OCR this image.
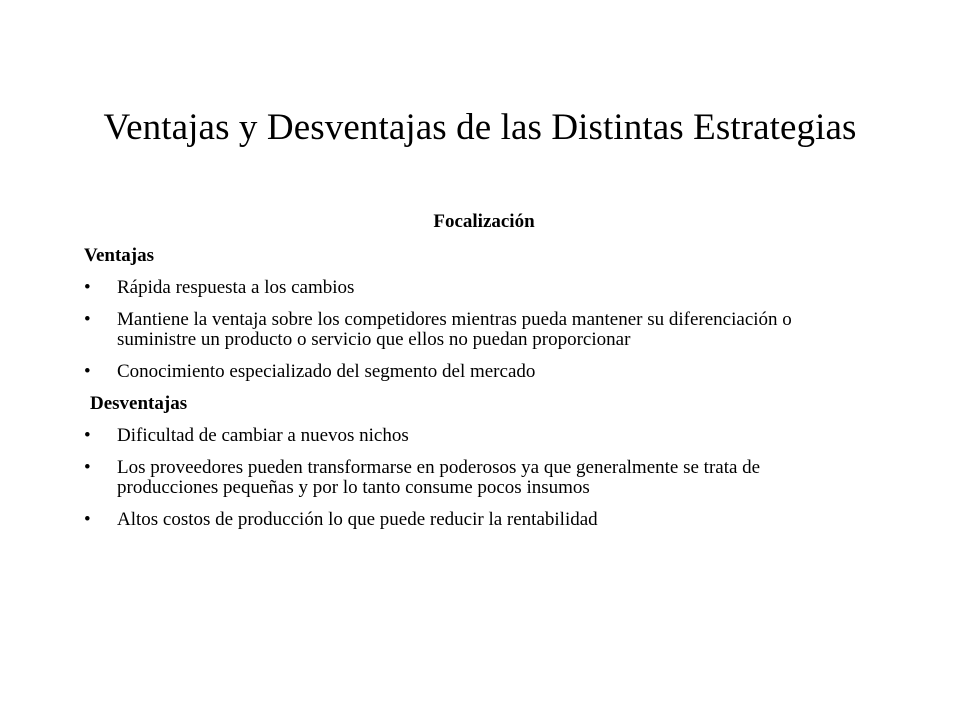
Ventajas y Desventajas de las Distintas Estrategias
Focalización
Ventajas
• Rápida respuesta a los cambios
• Mantiene la ventaja sobre los competidores mientras pueda mantener su diferenciación o suministre un producto o servicio que ellos no puedan proporcionar
• Conocimiento especializado del segmento del mercado
Desventajas
• Dificultad de cambiar a nuevos nichos
• Los proveedores pueden transformarse en poderosos ya que generalmente se trata de producciones pequeñas y por lo tanto consume pocos insumos
• Altos costos de producción lo que puede reducir la rentabilidad
